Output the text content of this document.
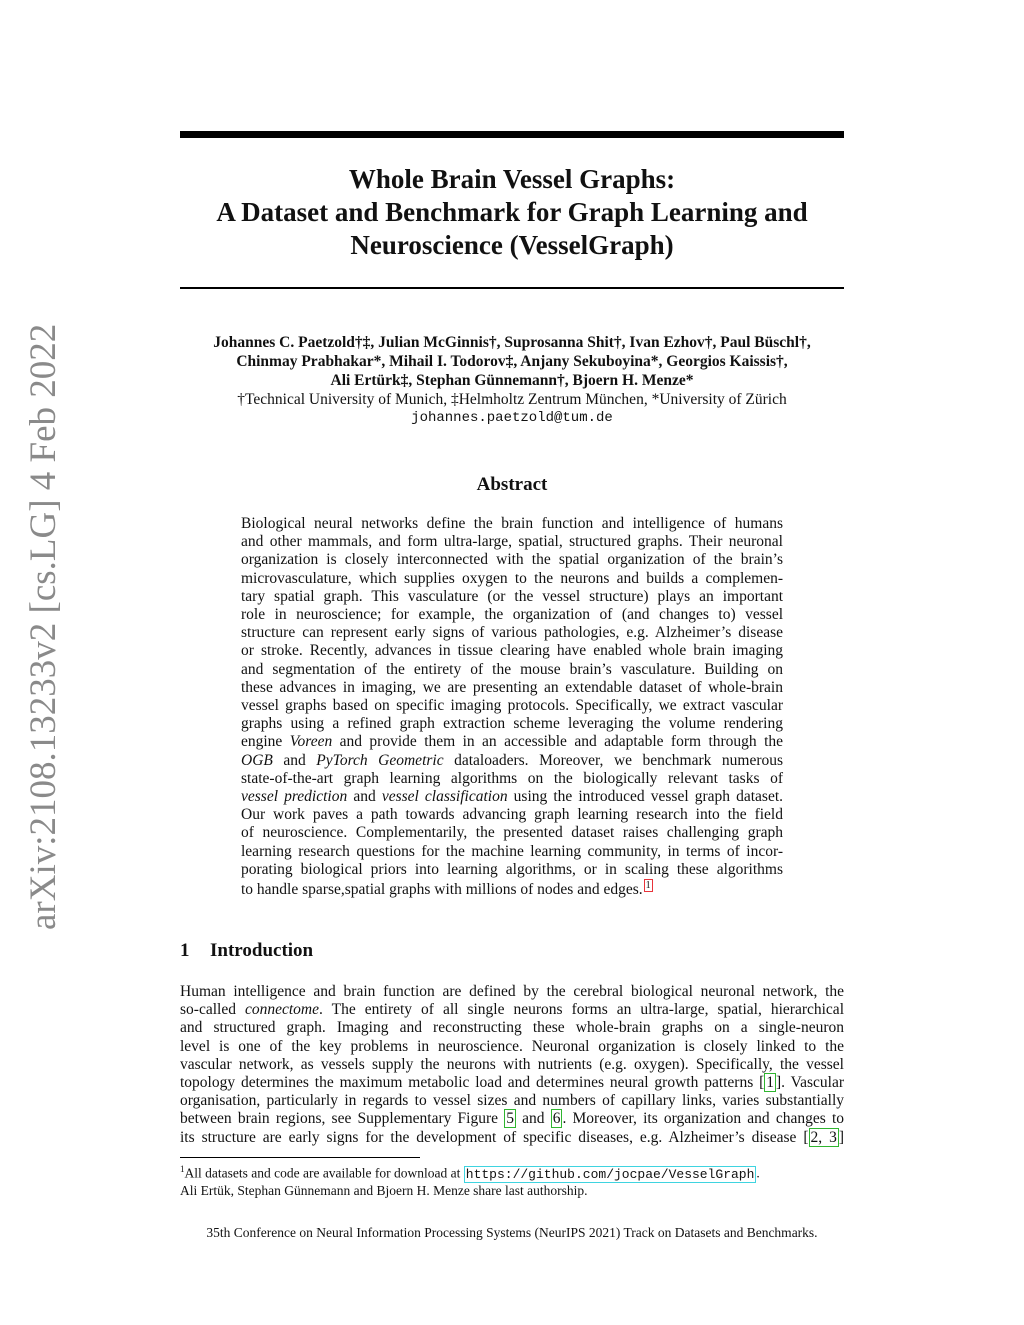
arXiv:2108.13233v2 [cs.LG] 4 Feb 2022
Whole Brain Vessel Graphs:
A Dataset and Benchmark for Graph Learning and
Neuroscience (VesselGraph)
Johannes C. Paetzold†‡, Julian McGinnis†, Suprosanna Shit†, Ivan Ezhov†, Paul Büschl†,
Chinmay Prabhakar*, Mihail I. Todorov‡, Anjany Sekuboyina*, Georgios Kaissis†,
Ali Ertürk‡, Stephan Günnemann†, Bjoern H. Menze*
†Technical University of Munich, ‡Helmholtz Zentrum München, *University of Zürich
johannes.paetzold@tum.de
Abstract
Biological neural networks define the brain function and intelligence of humans
and other mammals, and form ultra-large, spatial, structured graphs. Their neuronal
organization is closely interconnected with the spatial organization of the brain’s
microvasculature, which supplies oxygen to the neurons and builds a complemen-
tary spatial graph. This vasculature (or the vessel structure) plays an important
role in neuroscience; for example, the organization of (and changes to) vessel
structure can represent early signs of various pathologies, e.g. Alzheimer’s disease
or stroke. Recently, advances in tissue clearing have enabled whole brain imaging
and segmentation of the entirety of the mouse brain’s vasculature. Building on
these advances in imaging, we are presenting an extendable dataset of whole-brain
vessel graphs based on specific imaging protocols. Specifically, we extract vascular
graphs using a refined graph extraction scheme leveraging the volume rendering
engine Voreen and provide them in an accessible and adaptable form through the
OGB and PyTorch Geometric dataloaders. Moreover, we benchmark numerous
state-of-the-art graph learning algorithms on the biologically relevant tasks of
vessel prediction and vessel classification using the introduced vessel graph dataset.
Our work paves a path towards advancing graph learning research into the field
of neuroscience. Complementarily, the presented dataset raises challenging graph
learning research questions for the machine learning community, in terms of incor-
porating biological priors into learning algorithms, or in scaling these algorithms
to handle sparse,spatial graphs with millions of nodes and edges. 1
1 Introduction
Human intelligence and brain function are defined by the cerebral biological neuronal network, the
so-called connectome. The entirety of all single neurons forms an ultra-large, spatial, hierarchical
and structured graph. Imaging and reconstructing these whole-brain graphs on a single-neuron
level is one of the key problems in neuroscience. Neuronal organization is closely linked to the
vascular network, as vessels supply the neurons with nutrients (e.g. oxygen). Specifically, the vessel
topology determines the maximum metabolic load and determines neural growth patterns [ 1 ]. Vascular
organisation, particularly in regards to vessel sizes and numbers of capillary links, varies substantially
between brain regions, see Supplementary Figure 5 and 6 . Moreover, its organization and changes to
its structure are early signs for the development of specific diseases, e.g. Alzheimer’s disease [ 2, 3 ]
$^1$All datasets and code are available for download at https://github.com/jocpae/VesselGraph .
Ali Ertük, Stephan Günnemann and Bjoern H. Menze share last authorship.
35th Conference on Neural Information Processing Systems (NeurIPS 2021) Track on Datasets and Benchmarks.
